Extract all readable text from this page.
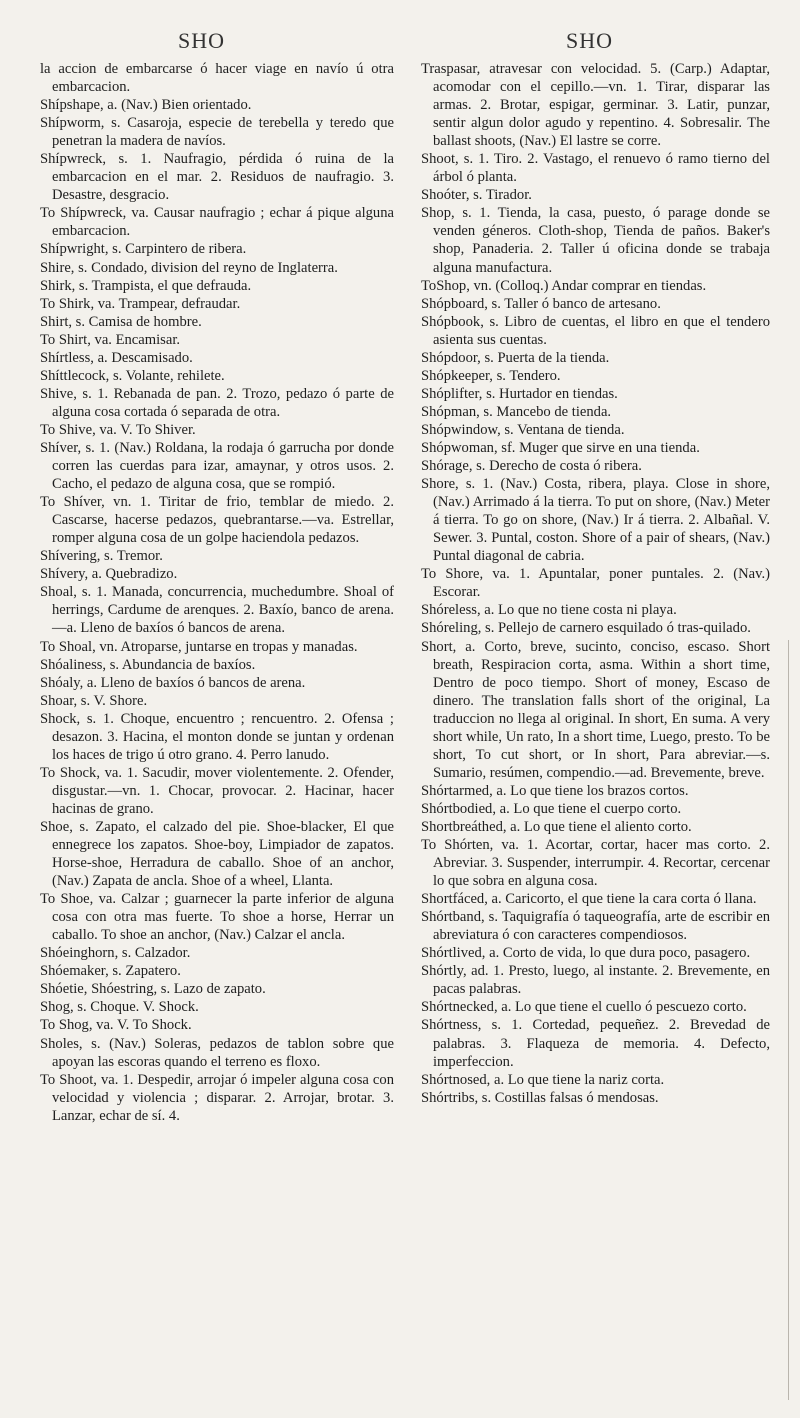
SHO	SHO

la accion de embarcarse ó hacer viage en navío ú otra embarcacion.

Shípshape, a. (Nav.) Bien orientado.

Shípworm, s. Casaroja, especie de terebella y teredo que penetran la madera de navíos.

Shípwreck, s. 1. Naufragio, pérdida ó ruina de la embarcacion en el mar. 2. Residuos de naufragio. 3. Desastre, desgracio.

To Shípwreck, va. Causar naufragio ; echar á pique alguna embarcacion.

Shípwright, s. Carpintero de ribera.

Shire, s. Condado, division del reyno de Inglaterra.

Shirk, s. Trampista, el que defrauda.

To Shirk, va. Trampear, defraudar.

Shirt, s. Camisa de hombre.

To Shirt, va. Encamisar.

Shírtless, a. Descamisado.

Shíttlecock, s. Volante, rehilete.

Shive, s. 1. Rebanada de pan. 2. Trozo, pedazo ó parte de alguna cosa cortada ó separada de otra.

To Shive, va. V. To Shiver.

Shíver, s. 1. (Nav.) Roldana, la rodaja ó garrucha por donde corren las cuerdas para izar, amaynar, y otros usos. 2. Cacho, el pedazo de alguna cosa, que se rompió.

To Shíver, vn. 1. Tiritar de frio, temblar de miedo. 2. Cascarse, hacerse pedazos, quebrantarse.—va. Estrellar, romper alguna cosa de un golpe haciendola pedazos.

Shívering, s. Tremor.

Shívery, a. Quebradizo.

Shoal, s. 1. Manada, concurrencia, muchedumbre. Shoal of herrings, Cardume de arenques. 2. Baxío, banco de arena.—a. Lleno de baxíos ó bancos de arena.

To Shoal, vn. Atroparse, juntarse en tropas y manadas.

Shóaliness, s. Abundancia de baxíos.

Shóaly, a. Lleno de baxíos ó bancos de arena.

Shoar, s. V. Shore.

Shock, s. 1. Choque, encuentro ; rencuentro. 2. Ofensa ; desazon. 3. Hacina, el monton donde se juntan y ordenan los haces de trigo ú otro grano. 4. Perro lanudo.

To Shock, va. 1. Sacudir, mover violentemente. 2. Ofender, disgustar.—vn. 1. Chocar, provocar. 2. Hacinar, hacer hacinas de grano.

Shoe, s. Zapato, el calzado del pie. Shoe-blacker, El que ennegrece los zapatos. Shoe-boy, Limpiador de zapatos. Horse-shoe, Herradura de caballo. Shoe of an anchor, (Nav.) Zapata de ancla. Shoe of a wheel, Llanta.

To Shoe, va. Calzar ; guarnecer la parte inferior de alguna cosa con otra mas fuerte. To shoe a horse, Herrar un caballo. To shoe an anchor, (Nav.) Calzar el ancla.

Shóeinghorn, s. Calzador.

Shóemaker, s. Zapatero.

Shóetie, Shóestring, s. Lazo de zapato.

Shog, s. Choque. V. Shock.

To Shog, va. V. To Shock.

Sholes, s. (Nav.) Soleras, pedazos de tablon sobre que apoyan las escoras quando el terreno es floxo.

To Shoot, va. 1. Despedir, arrojar ó impeler alguna cosa con velocidad y violencia ; disparar. 2. Arrojar, brotar. 3. Lanzar, echar de sí. 4.

Traspasar, atravesar con velocidad. 5. (Carp.) Adaptar, acomodar con el cepillo.—vn. 1. Tirar, disparar las armas. 2. Brotar, espigar, germinar. 3. Latir, punzar, sentir algun dolor agudo y repentino. 4. Sobresalir. The ballast shoots, (Nav.) El lastre se corre.

Shoot, s. 1. Tiro. 2. Vastago, el renuevo ó ramo tierno del árbol ó planta.

Shoóter, s. Tirador.

Shop, s. 1. Tienda, la casa, puesto, ó parage donde se venden géneros. Cloth-shop, Tienda de paños. Baker's shop, Panaderia. 2. Taller ú oficina donde se trabaja alguna manufactura.

ToShop, vn. (Colloq.) Andar comprar en tiendas.

Shópboard, s. Taller ó banco de artesano.

Shópbook, s. Libro de cuentas, el libro en que el tendero asienta sus cuentas.

Shópdoor, s. Puerta de la tienda.

Shópkeeper, s. Tendero.

Shóplifter, s. Hurtador en tiendas.

Shópman, s. Mancebo de tienda.

Shópwindow, s. Ventana de tienda.

Shópwoman, sf. Muger que sirve en una tienda.

Shórage, s. Derecho de costa ó ribera.

Shore, s. 1. (Nav.) Costa, ribera, playa. Close in shore, (Nav.) Arrimado á la tierra. To put on shore, (Nav.) Meter á tierra. To go on shore, (Nav.) Ir á tierra. 2. Albañal. V. Sewer. 3. Puntal, coston. Shore of a pair of shears, (Nav.) Puntal diagonal de cabria.

To Shore, va. 1. Apuntalar, poner puntales. 2. (Nav.) Escorar.

Shóreless, a. Lo que no tiene costa ni playa.

Shóreling, s. Pellejo de carnero esquilado ó tras-quilado.

Short, a. Corto, breve, sucinto, conciso, escaso. Short breath, Respiracion corta, asma. Within a short time, Dentro de poco tiempo. Short of money, Escaso de dinero. The translation falls short of the original, La traduccion no llega al original. In short, En suma. A very short while, Un rato, In a short time, Luego, presto. To be short, To cut short, or In short, Para abreviar.—s. Sumario, resúmen, compendio.—ad. Brevemente, breve.

Shórtarmed, a. Lo que tiene los brazos cortos.

Shórtbodied, a. Lo que tiene el cuerpo corto.

Shortbreáthed, a. Lo que tiene el aliento corto.

To Shórten, va. 1. Acortar, cortar, hacer mas corto. 2. Abreviar. 3. Suspender, interrumpir. 4. Recortar, cercenar lo que sobra en alguna cosa.

Shortfáced, a. Caricorto, el que tiene la cara corta ó llana.

Shórtband, s. Taquigrafía ó taqueografía, arte de escribir en abreviatura ó con caracteres compendiosos.

Shórtlived, a. Corto de vida, lo que dura poco, pasagero.

Shórtly, ad. 1. Presto, luego, al instante. 2. Brevemente, en pacas palabras.

Shórtnecked, a. Lo que tiene el cuello ó pescuezo corto.

Shórtness, s. 1. Cortedad, pequeñez. 2. Brevedad de palabras. 3. Flaqueza de memoria. 4. Defecto, imperfeccion.

Shórtnosed, a. Lo que tiene la nariz corta.

Shórtribs, s. Costillas falsas ó mendosas.
